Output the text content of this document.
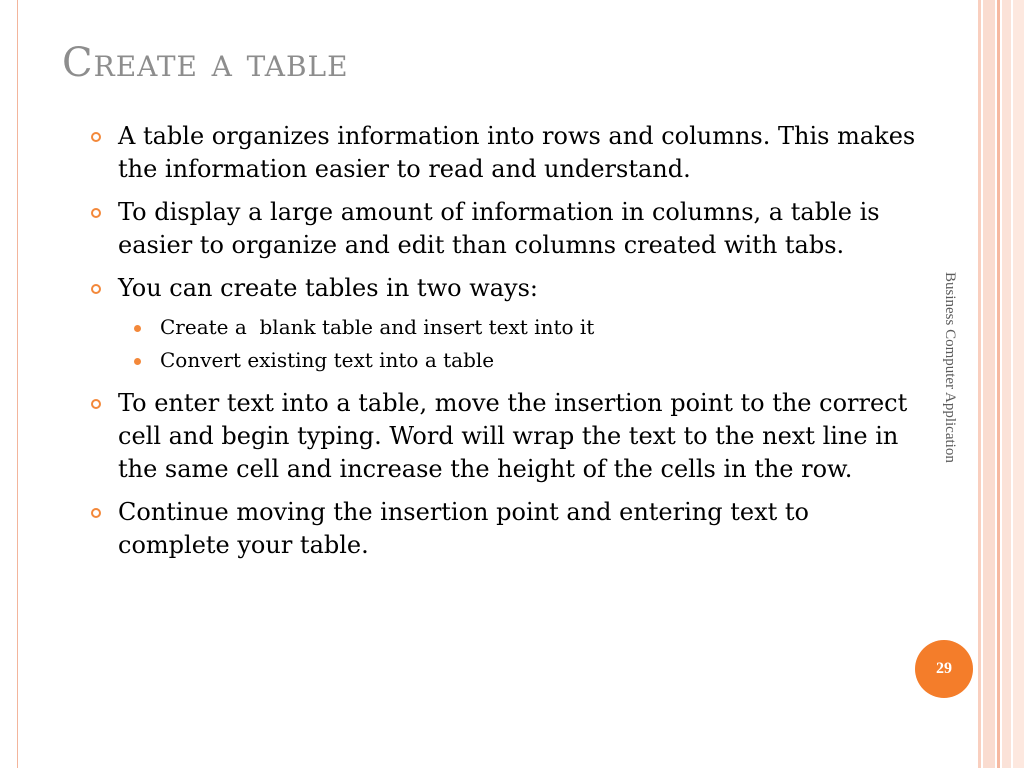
Create a table
A table organizes information into rows and columns. This makes the information easier to read and understand.
To display a large amount of information in columns, a table is easier to organize and edit than columns created with tabs.
You can create tables in two ways:
Create a  blank table and insert text into it
Convert existing text into a table
To enter text into a table, move the insertion point to the correct cell and begin typing. Word will wrap the text to the next line in the same cell and increase the height of the cells in the row.
Continue moving the insertion point and entering text to complete your table.
Business Computer Application
29
